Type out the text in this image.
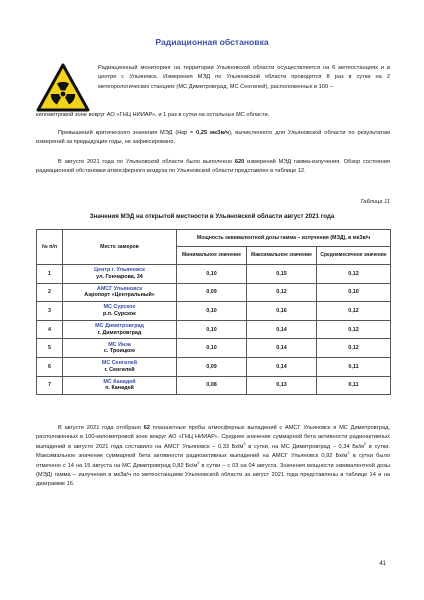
Радиационная обстановка
Радиационный мониторинг на территории Ульяновской области осуществляется на 6 метеостанциях и в центре г. Ульяновск. Измерения МЭД по Ульяновской области проводятся 8 раз в сутки на 2 метеорологических станциях (МС Димитровград, МС Сенгилей), расположенных в 100 –
километровой зоне вокруг АО «ГНЦ НИИАР», и 1 раз в сутки на остальных МС области.
Превышений критического значения МЭД (Нкр = 0,25 мкЗв/ч), вычисленного для Ульяновской области по результатам измерений за предыдущие годы, не зафиксировано.
В августе 2021 года по Ульяновской области было выполнено 620 измерений МЭД гамма-излучения. Обзор состояния радиационной обстановки атмосферного воздуха по Ульяновской области представлен в таблице 12.
Таблица 11
Значения МЭД на открытой местности в Ульяновской области август 2021 года
№ п/п	Место замеров	Мощность эквивалентной дозы гамма – излучения (МЭД), в мкЗв/ч		
		Минимальное значение	Максимальное значение	Среднемесячное значение
1	Центр г. Ульяновск
ул. Гончарова, 34	0,10	0,15	0,12
2	АМСГ Ульяновск
Аэропорт «Центральный»	0,09	0,12	0,10
3	МС Сурское
р.п. Сурское	0,10	0,16	0,12
4	МС Димитровград
г. Димитровград	0,10	0,14	0,12
5	МС Инза
с. Троицкое	0,10	0,14	0,12
6	МС Сенгилей
г. Сенгилей	0,09	0,14	0,11
7	МС Канадей
п. Канадей	0,08	0,13	0,11
В августе 2021 года отобрано 62 планшетные пробы атмосферных выпадений с АМСГ Ульяновск и МС Димитровград, расположенных в 100-километровой зоне вокруг АО «ГНЦ НИИАР». Среднее значение суммарной бета активности радиоактивных выпадений в августе 2021 года составило на АМСГ Ульяновск – 0,33 $Бк/м^2$ в сутки, на МС Димитровград – 0,34 $Бк/м^2$ в сутки. Максимальное значение суммарной бета активности радиоактивных выпадений на АМСГ Ульяновск 0,92 $Бк/м^2$ в сутки было отмечено с 14 на 15 августа на МС Димитровград 0,82 $Бк/м^2$ в сутки – с 03 на 04 августа. Значения мощности эквивалентной дозы (МЭД) гамма – излучения в мкЗв/ч по метеостанциям Ульяновской области за август 2021 года представлены в таблице 14 и на диаграмме 16.
41
